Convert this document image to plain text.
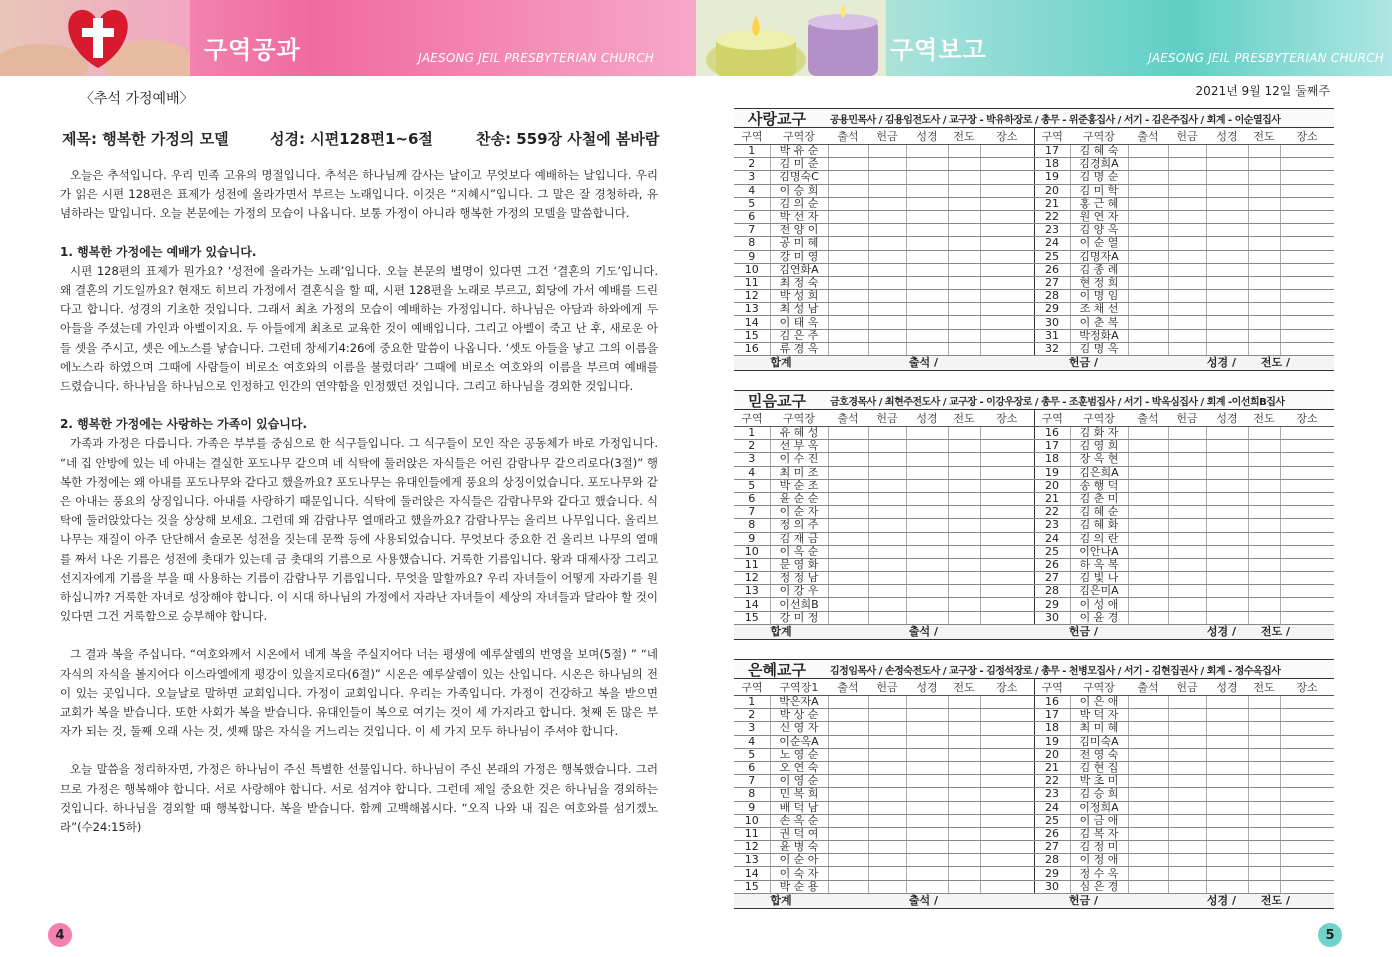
구역공과	JAESONG JEIL PRESBYTERIAN CHURCH
〈추석 가정예배〉
제목: 행복한 가정의 모델	성경: 시편128편1~6절	찬송: 559장 사철에 봄바람

오늘은 추석입니다. 우리 민족 고유의 명절입니다. 추석은 하나님께 감사는 날이고 무엇보다 예배하는 날입니다. 우리가 읽은 시편 128편은 표제가 성전에 올라가면서 부르는 노래입니다. 이것은 “지혜시”입니다. 그 말은 잘 경청하라, 유념하라는 말입니다. 오늘 본문에는 가정의 모습이 나옵니다. 보통 가정이 아니라 행복한 가정의 모델을 말씀합니다.

1. 행복한 가정에는 예배가 있습니다.

시편 128편의 표제가 뭔가요? ‘성전에 올라가는 노래’입니다. 오늘 본문의 별명이 있다면 그건 ‘결혼의 기도’입니다. 왜 결혼의 기도일까요? 현재도 히브리 가정에서 결혼식을 할 때, 시편 128편을 노래로 부르고, 회당에 가서 예배를 드린다고 합니다. 성경의 기초한 것입니다. 그래서 최초 가정의 모습이 예배하는 가정입니다. 하나님은 아담과 하와에게 두 아들을 주셨는데 가인과 아벨이지요. 두 아들에게 최초로 교육한 것이 예배입니다. 그리고 아벨이 죽고 난 후, 새로운 아들 셋을 주시고, 셋은 에노스를 낳습니다. 그런데 창세기4:26에 중요한 말씀이 나옵니다. ‘셋도 아들을 낳고 그의 이름을 에노스라 하였으며 그때에 사람들이 비로소 여호와의 이름을 불렀더라’ 그때에 비로소 여호와의 이름을 부르며 예배를 드렸습니다. 하나님을 하나님으로 인정하고 인간의 연약함을 인정했던 것입니다. 그리고 하나님을 경외한 것입니다.

2. 행복한 가정에는 사랑하는 가족이 있습니다.

가족과 가정은 다릅니다. 가족은 부부를 중심으로 한 식구들입니다. 그 식구들이 모인 작은 공동체가 바로 가정입니다. “네 집 안방에 있는 네 아내는 결실한 포도나무 같으며 네 식탁에 둘러앉은 자식들은 어린 감람나무 같으리로다(3절)” 행복한 가정에는 왜 아내를 포도나무와 같다고 했을까요? 포도나무는 유대인들에게 풍요의 상징이었습니다. 포도나무와 같은 아내는 풍요의 상징입니다. 아내를 사랑하기 때문입니다. 식탁에 둘러앉은 자식들은 감람나무와 같다고 했습니다. 식탁에 둘러앉았다는 것을 상상해 보세요. 그런데 왜 감람나무 열매라고 했을까요? 감람나무는 올리브 나무입니다. 올리브 나무는 재질이 아주 단단해서 솔로몬 성전을 짓는데 문짝 등에 사용되었습니다. 무엇보다 중요한 건 올리브 나무의 열매를 짜서 나온 기름은 성전에 촛대가 있는데 금 촛대의 기름으로 사용했습니다. 거룩한 기름입니다. 왕과 대제사장 그리고 선지자에게 기름을 부을 때 사용하는 기름이 감람나무 기름입니다. 무엇을 말할까요? 우리 자녀들이 어떻게 자라기를 원하십니까? 거룩한 자녀로 성장해야 합니다. 이 시대 하나님의 가정에서 자라난 자녀들이 세상의 자녀들과 달라야 할 것이 있다면 그건 거룩함으로 승부해야 합니다.

그 결과 복을 주십니다. “여호와께서 시온에서 네게 복을 주실지어다 너는 평생에 예루살렘의 번영을 보며(5절) ” “네 자식의 자식을 볼지어다 이스라엘에게 평강이 있을지로다(6절)” 시온은 예루살렘이 있는 산입니다. 시온은 하나님의 전이 있는 곳입니다. 오늘날로 말하면 교회입니다. 가정이 교회입니다. 우리는 가족입니다. 가정이 건강하고 복을 받으면 교회가 복을 받습니다. 또한 사회가 복을 받습니다. 유대인들이 복으로 여기는 것이 세 가지라고 합니다. 첫째 돈 많은 부자가 되는 것, 둘째 오래 사는 것, 셋째 많은 자식을 거느리는 것입니다. 이 세 가지 모두 하나님이 주셔야 합니다.

오늘 말씀을 정리하자면, 가정은 하나님이 주신 특별한 선물입니다. 하나님이 주신 본래의 가정은 행복했습니다. 그러므로 가정은 행복해야 합니다. 서로 사랑해야 합니다. 서로 섬겨야 합니다. 그런데 제일 중요한 것은 하나님을 경외하는 것입니다. 하나님을 경외할 때 행복합니다. 복을 받습니다. 함께 고백해봅시다. “오직 나와 내 집은 여호와를 섬기겠노라”(수24:15하)

4
구역보고	JAESONG JEIL PRESBYTERIAN CHURCH
2021년 9월 12일 둘째주
사랑교구	공용민목사 / 김용임전도사 / 교구장 - 박유하장로 / 총무 - 위준홍집사 / 서기 - 김은주집사 / 회계 - 이순열집사
구역	구역장	출석	헌금	성경	전도	장소	구역	구역장	출석	헌금	성경	전도	장소
1	박 유 순						17	김 혜 숙					
2	김 미 준						18	김경희A					
3	김명숙C						19	김 명 순					
4	이 승 희						20	김 미 학					
5	김 의 순						21	홍 근 혜					
6	박 선 자						22	원 연 자					
7	전 양 이						23	김 양 옥					
8	공 미 혜						24	이 순 열					
9	강 미 영						25	김명자A					
10	김연화A						26	김 종 례					
11	최 정 숙						27	현 정 희					
12	박 성 희						28	이 명 임					
13	최 성 남						29	조 채 선					
14	이 태 옥						30	이 춘 복					
15	김 은 주						31	박정화A					
16	류 경 옥						32	김 명 옥					
합계		출석 /			헌금 /				성경 /			전도 /	
믿음교구	금호경목사 / 최현주전도사 / 교구장 - 이강우장로 / 총무 - 조훈범집사 / 서기 - 박옥심집사 / 회계 -이선희B집사
구역	구역장	출석	헌금	성경	전도	장소	구역	구역장	출석	헌금	성경	전도	장소
1	유 혜 성						16	김 화 자					
2	선 부 옥						17	김 영 희					
3	이 수 진						18	장 옥 현					
4	최 미 조						19	김은희A					
5	박 순 조						20	송 행 덕					
6	윤 순 순						21	김 춘 미					
7	이 순 자						22	김 혜 순					
8	정 의 주						23	김 혜 화					
9	김 재 금						24	김 의 란					
10	이 옥 순						25	이안나A					
11	문 영 화						26	하 옥 복					
12	정 정 남						27	김 빛 나					
13	이 강 우						28	김은미A					
14	이선희B						29	이 성 애					
15	강 미 정						30	이 윤 경					
합계		출석 /			헌금 /				성경 /			전도 /	
은혜교구	김정임목사 / 손정숙전도사 / 교구장 - 김정석장로 / 총무 - 천병모집사 / 서기 - 김현집권사 / 회계 - 정수옥집사
구역	구역장1	출석	헌금	성경	전도	장소	구역	구역장	출석	헌금	성경	전도	장소
1	박은자A						16	이 은 애					
2	박 상 순						17	박 덕 자					
3	신 영 자						18	최 미 혜					
4	이순옥A						19	김미숙A					
5	노 영 순						20	전 영 숙					
6	오 연 숙						21	김 현 집					
7	이 영 순						22	박 초 미					
8	민 복 희						23	김 승 희					
9	배 덕 남						24	이정희A					
10	손 옥 순						25	이 금 애					
11	권 덕 여						26	김 복 자					
12	윤 병 숙						27	김 정 미					
13	이 순 아						28	이 정 애					
14	이 숙 자						29	정 수 옥					
15	박 순 용						30	심 은 경					
합계		출석 /			헌금 /				성경 /			전도 /	
5
